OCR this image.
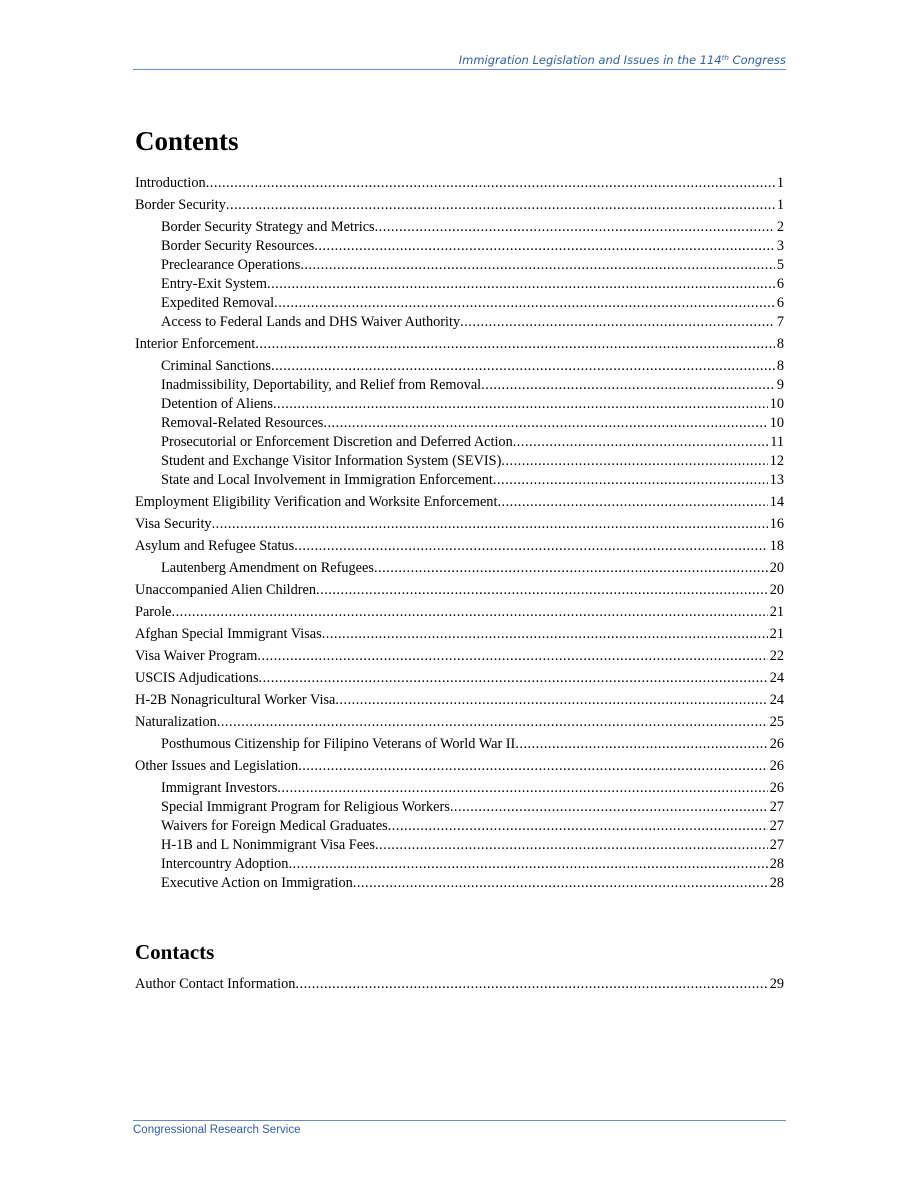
Immigration Legislation and Issues in the 114th Congress
Contents
Introduction .....	1
Border Security .....	1
Border Security Strategy and Metrics .....	2
Border Security Resources .....	3
Preclearance Operations .....	5
Entry-Exit System .....	6
Expedited Removal .....	6
Access to Federal Lands and DHS Waiver Authority .....	7
Interior Enforcement .....	8
Criminal Sanctions .....	8
Inadmissibility, Deportability, and Relief from Removal .....	9
Detention of Aliens .....	10
Removal-Related Resources .....	10
Prosecutorial or Enforcement Discretion and Deferred Action .....	11
Student and Exchange Visitor Information System (SEVIS) .....	12
State and Local Involvement in Immigration Enforcement .....	13
Employment Eligibility Verification and Worksite Enforcement .....	14
Visa Security .....	16
Asylum and Refugee Status .....	18
Lautenberg Amendment on Refugees .....	20
Unaccompanied Alien Children .....	20
Parole .....	21
Afghan Special Immigrant Visas .....	21
Visa Waiver Program .....	22
USCIS Adjudications .....	24
H-2B Nonagricultural Worker Visa .....	24
Naturalization .....	25
Posthumous Citizenship for Filipino Veterans of World War II .....	26
Other Issues and Legislation .....	26
Immigrant Investors .....	26
Special Immigrant Program for Religious Workers .....	27
Waivers for Foreign Medical Graduates .....	27
H-1B and L Nonimmigrant Visa Fees .....	27
Intercountry Adoption .....	28
Executive Action on Immigration .....	28
Contacts
Author Contact Information .....	29
Congressional Research Service
